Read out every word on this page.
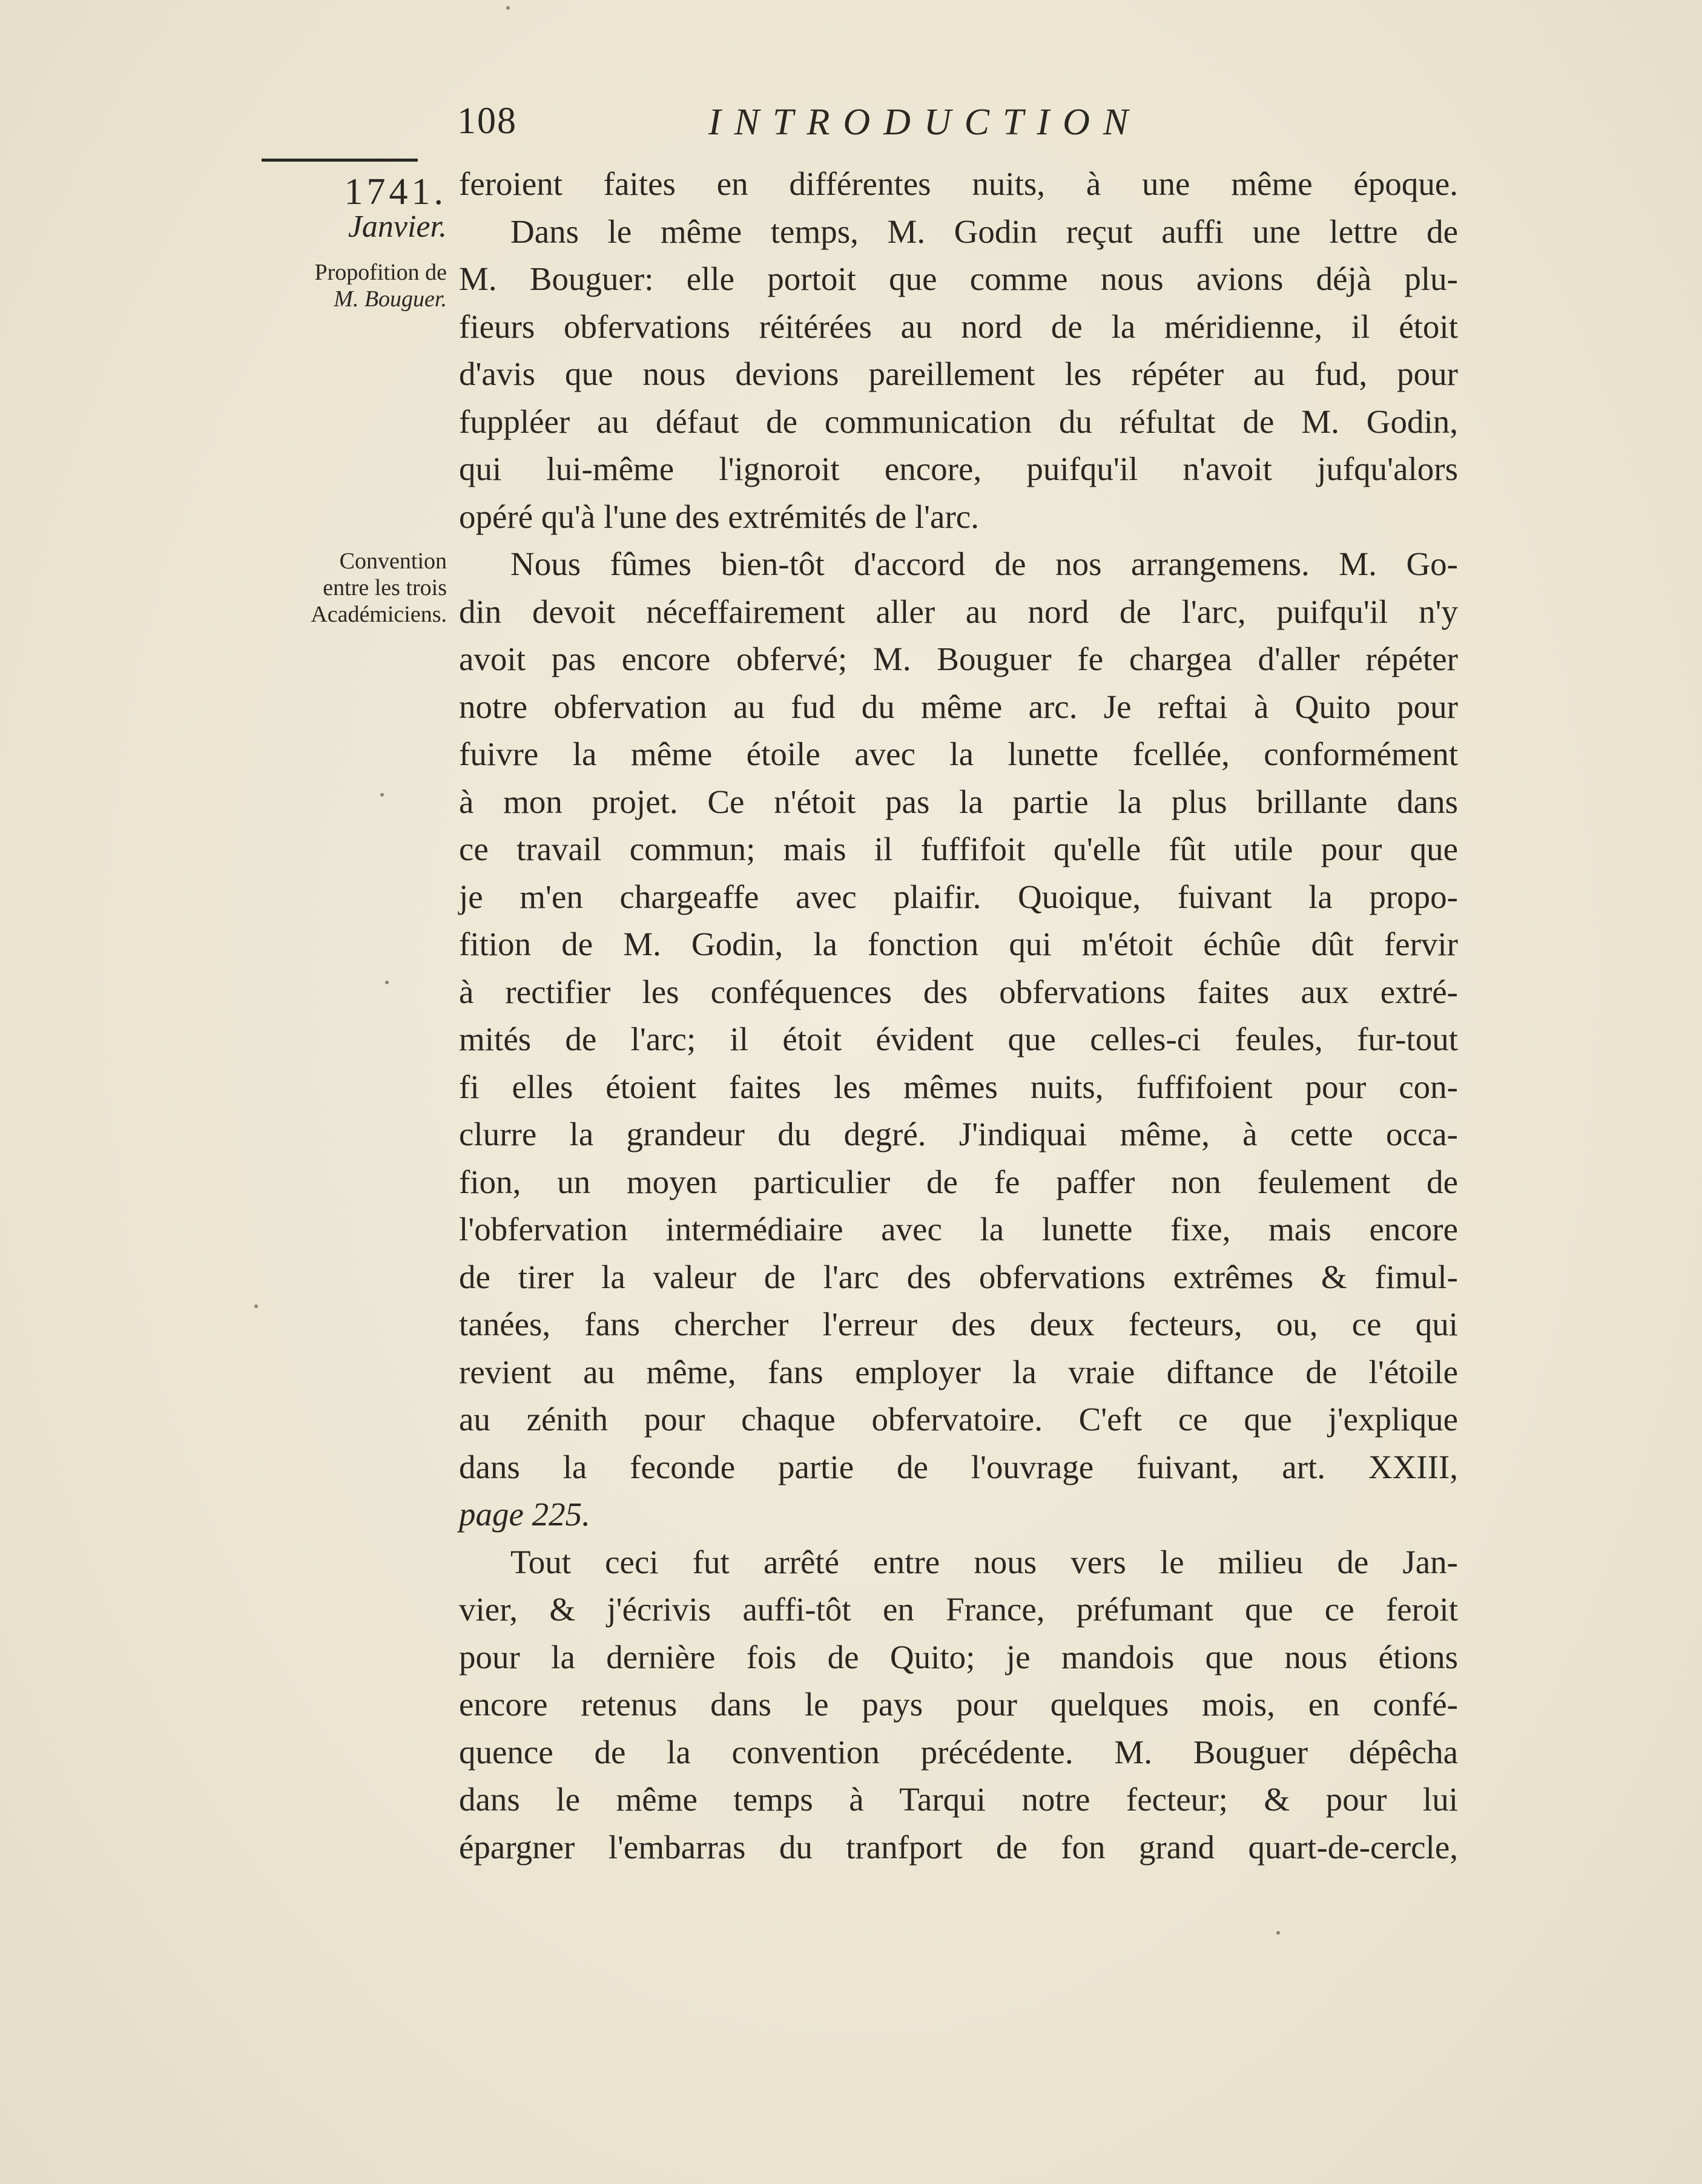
108	INTRODUCTION
1741.
Janvier.
Propofition de
M. Bouguer.
Convention
entre les trois
Académiciens.
feroient faites en différentes nuits, à une même époque.
Dans le même temps, M. Godin reçut auffi une lettre de
M. Bouguer: elle portoit que comme nous avions déjà plu-
fieurs obfervations réitérées au nord de la méridienne, il étoit
d'avis que nous devions pareillement les répéter au fud, pour
fuppléer au défaut de communication du réfultat de M. Godin,
qui lui-même l'ignoroit encore, puifqu'il n'avoit jufqu'alors
opéré qu'à l'une des extrémités de l'arc.
Nous fûmes bien-tôt d'accord de nos arrangemens. M. Go-
din devoit néceffairement aller au nord de l'arc, puifqu'il n'y
avoit pas encore obfervé; M. Bouguer fe chargea d'aller répéter
notre obfervation au fud du même arc. Je reftai à Quito pour
fuivre la même étoile avec la lunette fcellée, conformément
à mon projet. Ce n'étoit pas la partie la plus brillante dans
ce travail commun; mais il fuffifoit qu'elle fût utile pour que
je m'en chargeaffe avec plaifir. Quoique, fuivant la propo-
fition de M. Godin, la fonction qui m'étoit échûe dût fervir
à rectifier les conféquences des obfervations faites aux extré-
mités de l'arc; il étoit évident que celles-ci feules, fur-tout
fi elles étoient faites les mêmes nuits, fuffifoient pour con-
clurre la grandeur du degré. J'indiquai même, à cette occa-
fion, un moyen particulier de fe paffer non feulement de
l'obfervation intermédiaire avec la lunette fixe, mais encore
de tirer la valeur de l'arc des obfervations extrêmes & fimul-
tanées, fans chercher l'erreur des deux fecteurs, ou, ce qui
revient au même, fans employer la vraie diftance de l'étoile
au zénith pour chaque obfervatoire. C'eft ce que j'explique
dans la feconde partie de l'ouvrage fuivant, art. XXIII,
page 225.
Tout ceci fut arrêté entre nous vers le milieu de Jan-
vier, & j'écrivis auffi-tôt en France, préfumant que ce feroit
pour la dernière fois de Quito; je mandois que nous étions
encore retenus dans le pays pour quelques mois, en confé-
quence de la convention précédente. M. Bouguer dépêcha
dans le même temps à Tarqui notre fecteur; & pour lui
épargner l'embarras du tranfport de fon grand quart-de-cercle,
